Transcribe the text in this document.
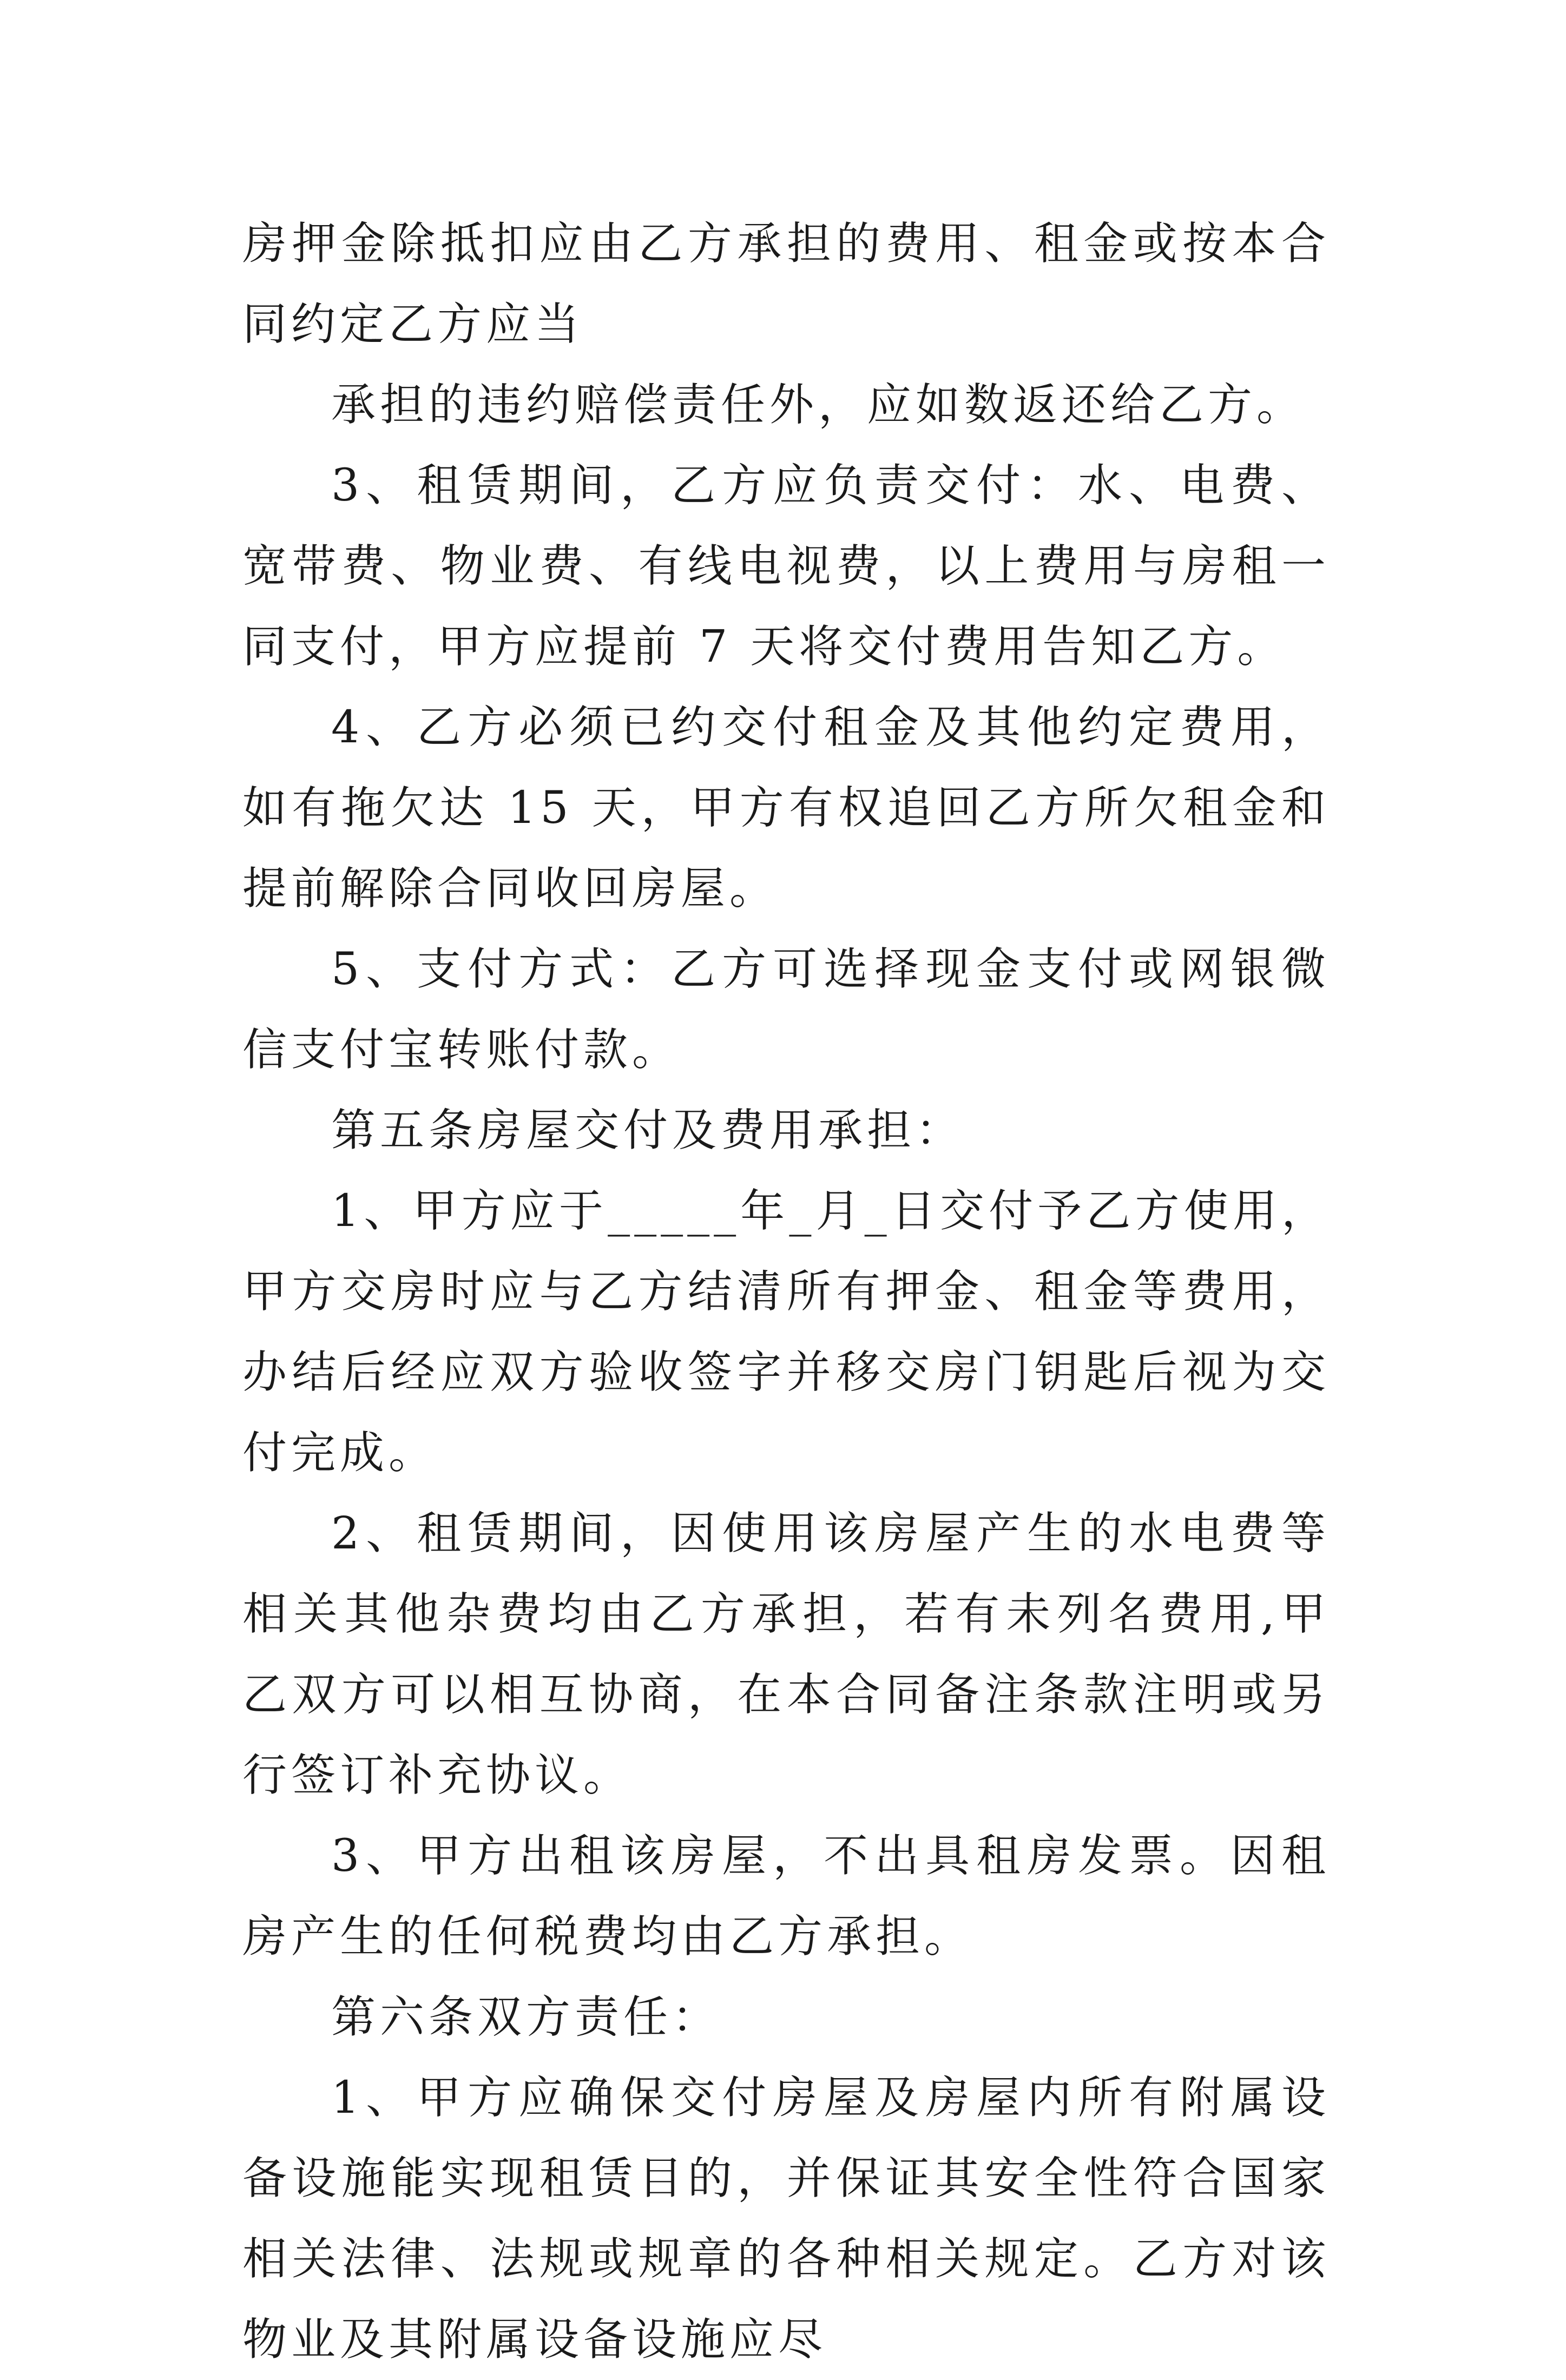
房押金除抵扣应由乙方承担的费用、租金或按本合同约定乙方应当

承担的违约赔偿责任外，应如数返还给乙方。

3、租赁期间，乙方应负责交付：水、电费、宽带费、物业费、有线电视费，以上费用与房租一同支付，甲方应提前 7 天将交付费用告知乙方。

4、乙方必须已约交付租金及其他约定费用，如有拖欠达 15 天，甲方有权追回乙方所欠租金和提前解除合同收回房屋。

5、支付方式：乙方可选择现金支付或网银微信支付宝转账付款。

第五条房屋交付及费用承担：

1、甲方应于_____年_月_日交付予乙方使用，甲方交房时应与乙方结清所有押金、租金等费用，办结后经应双方验收签字并移交房门钥匙后视为交付完成。

2、租赁期间，因使用该房屋产生的水电费等相关其他杂费均由乙方承担，若有未列名费用,甲乙双方可以相互协商，在本合同备注条款注明或另行签订补充协议。

3、甲方出租该房屋，不出具租房发票。因租房产生的任何税费均由乙方承担。

第六条双方责任：

1、甲方应确保交付房屋及房屋内所有附属设备设施能实现租赁目的，并保证其安全性符合国家相关法律、法规或规章的各种相关规定。乙方对该物业及其附属设备设施应尽
